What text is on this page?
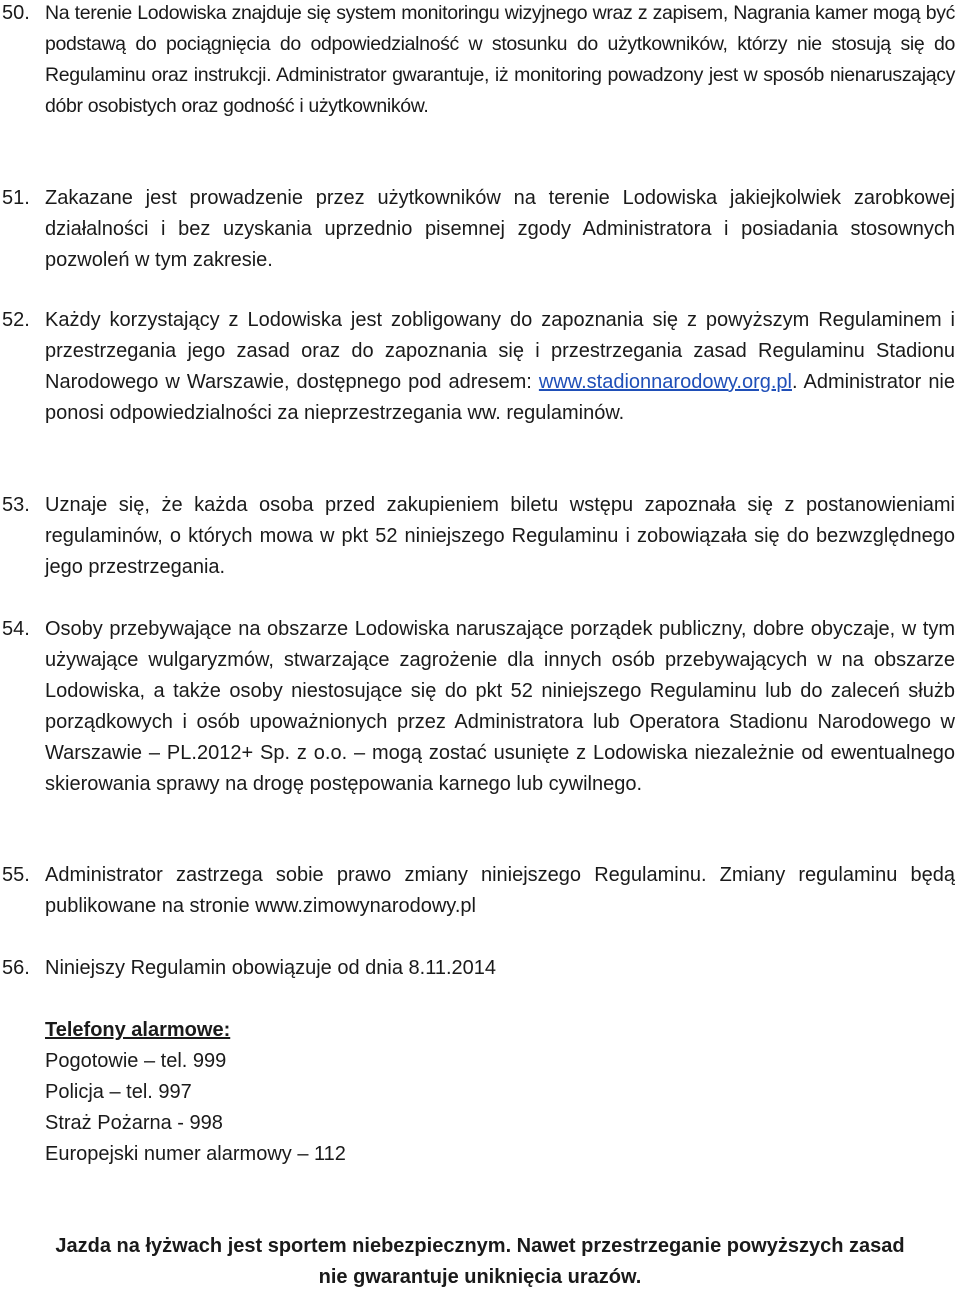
50. Na terenie Lodowiska znajduje się system monitoringu wizyjnego wraz z zapisem, Nagrania kamer mogą być podstawą do pociągnięcia do odpowiedzialność w stosunku do użytkowników, którzy nie stosują się do Regulaminu oraz instrukcji. Administrator gwarantuje, iż monitoring powadzony jest w sposób nienaruszający dóbr osobistych oraz godność i użytkowników.

51. Zakazane jest prowadzenie przez użytkowników na terenie Lodowiska jakiejkolwiek zarobkowej działalności i bez uzyskania uprzednio pisemnej zgody Administratora i posiadania stosownych pozwoleń w tym zakresie.

52. Każdy korzystający z Lodowiska jest zobligowany do zapoznania się z powyższym Regulaminem i przestrzegania jego zasad oraz do zapoznania się i przestrzegania zasad Regulaminu Stadionu Narodowego w Warszawie, dostępnego pod adresem: www.stadionnarodowy.org.pl. Administrator nie ponosi odpowiedzialności za nieprzestrzegania ww. regulaminów.

53. Uznaje się, że każda osoba przed zakupieniem biletu wstępu zapoznała się z postanowieniami regulaminów, o których mowa w pkt 52 niniejszego Regulaminu i zobowiązała się do bezwzględnego jego przestrzegania.

54. Osoby przebywające na obszarze Lodowiska naruszające porządek publiczny, dobre obyczaje, w tym używające wulgaryzmów, stwarzające zagrożenie dla innych osób przebywających w na obszarze Lodowiska, a także osoby niestosujące się do pkt 52 niniejszego Regulaminu lub do zaleceń służb porządkowych i osób upoważnionych przez Administratora lub Operatora Stadionu Narodowego w Warszawie – PL.2012+ Sp. z o.o. – mogą zostać usunięte z Lodowiska niezależnie od ewentualnego skierowania sprawy na drogę postępowania karnego lub cywilnego.

55. Administrator zastrzega sobie prawo zmiany niniejszego Regulaminu. Zmiany regulaminu będą publikowane na stronie www.zimowynarodowy.pl

56. Niniejszy Regulamin obowiązuje od dnia 8.11.2014

Telefony alarmowe:
Pogotowie – tel. 999
Policja – tel. 997
Straż Pożarna - 998
Europejski numer alarmowy – 112
Jazda na łyżwach jest sportem niebezpiecznym. Nawet przestrzeganie powyższych zasad
nie gwarantuje uniknięcia urazów.
